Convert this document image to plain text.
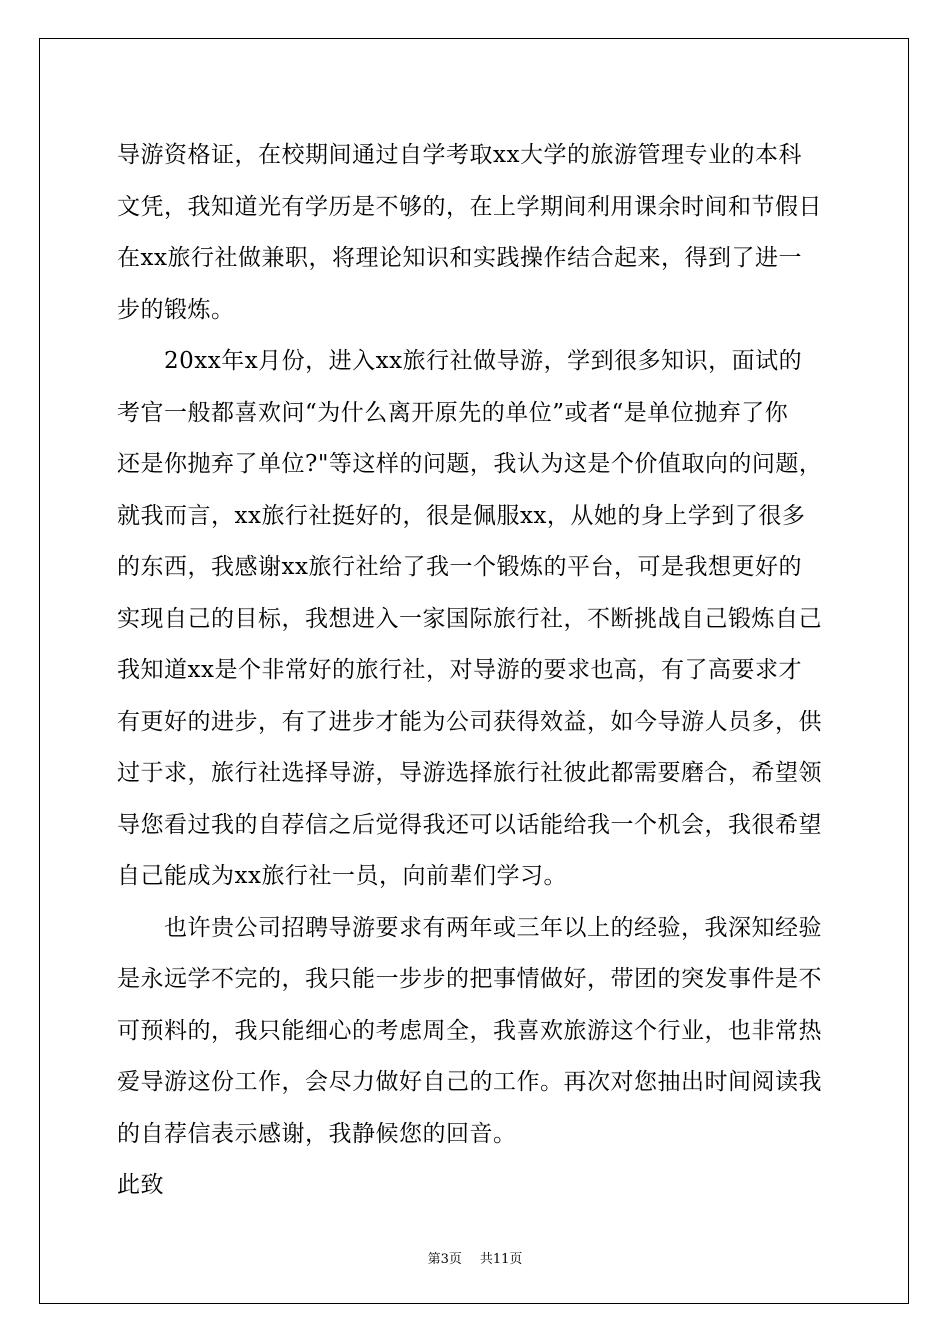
导游资格证，在校期间通过自学考取xx大学的旅游管理专业的本科
文凭，我知道光有学历是不够的，在上学期间利用课余时间和节假日
在xx旅行社做兼职，将理论知识和实践操作结合起来，得到了进一
步的锻炼。
　　20xx年x月份，进入xx旅行社做导游，学到很多知识，面试的
考官一般都喜欢问“为什么离开原先的单位”或者“是单位抛弃了你
还是你抛弃了单位?"等这样的问题，我认为这是个价值取向的问题，
就我而言，xx旅行社挺好的，很是佩服xx，从她的身上学到了很多
的东西，我感谢xx旅行社给了我一个锻炼的平台，可是我想更好的
实现自己的目标，我想进入一家国际旅行社，不断挑战自己锻炼自己
我知道xx是个非常好的旅行社，对导游的要求也高，有了高要求才
有更好的进步，有了进步才能为公司获得效益，如今导游人员多，供
过于求，旅行社选择导游，导游选择旅行社彼此都需要磨合，希望领
导您看过我的自荐信之后觉得我还可以话能给我一个机会，我很希望
自己能成为xx旅行社一员，向前辈们学习。
　　也许贵公司招聘导游要求有两年或三年以上的经验，我深知经验
是永远学不完的，我只能一步步的把事情做好，带团的突发事件是不
可预料的，我只能细心的考虑周全，我喜欢旅游这个行业，也非常热
爱导游这份工作，会尽力做好自己的工作。再次对您抽出时间阅读我
的自荐信表示感谢，我静候您的回音。
此致
第3页 共11页
